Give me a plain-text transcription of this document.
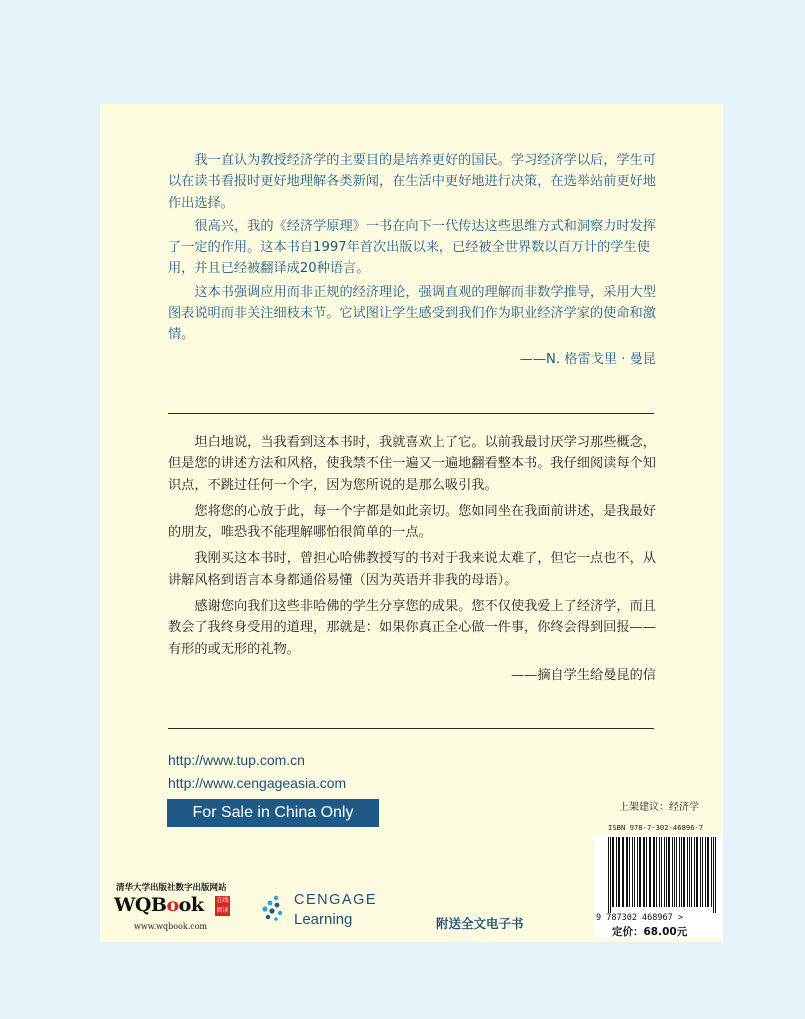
我一直认为教授经济学的主要目的是培养更好的国民。学习经济学以后，学生可以在读书看报时更好地理解各类新闻，在生活中更好地进行决策，在选举站前更好地作出选择。

很高兴，我的《经济学原理》一书在向下一代传达这些思维方式和洞察力时发挥了一定的作用。这本书自1997年首次出版以来，已经被全世界数以百万计的学生使用，并且已经被翻译成20种语言。

这本书强调应用而非正规的经济理论，强调直观的理解而非数学推导，采用大型图表说明而非关注细枝末节。它试图让学生感受到我们作为职业经济学家的使命和激情。

——N. 格雷戈里 · 曼昆

坦白地说，当我看到这本书时，我就喜欢上了它。以前我最讨厌学习那些概念，但是您的讲述方法和风格，使我禁不住一遍又一遍地翻看整本书。我仔细阅读每个知识点，不跳过任何一个字，因为您所说的是那么吸引我。

您将您的心放于此，每一个字都是如此亲切。您如同坐在我面前讲述，是我最好的朋友，唯恐我不能理解哪怕很简单的一点。

我刚买这本书时，曾担心哈佛教授写的书对于我来说太难了，但它一点也不，从讲解风格到语言本身都通俗易懂（因为英语并非我的母语）。

感谢您向我们这些非哈佛的学生分享您的成果。您不仅使我爱上了经济学，而且教会了我终身受用的道理，那就是：如果你真正全心做一件事，你终会得到回报——有形的或无形的礼物。

——摘自学生给曼昆的信
http://www.tup.com.cn
http://www.cengageasia.com
For Sale in China Only	上架建议：经济学
ISBN 978-7-302-46896-7
9 787302 468967 >
定价：68.00元
清华大学出版社数字出版网站
WQBook 在线阅读
www.wqbook.com
CENGAGE
Learning	附送全文电子书
